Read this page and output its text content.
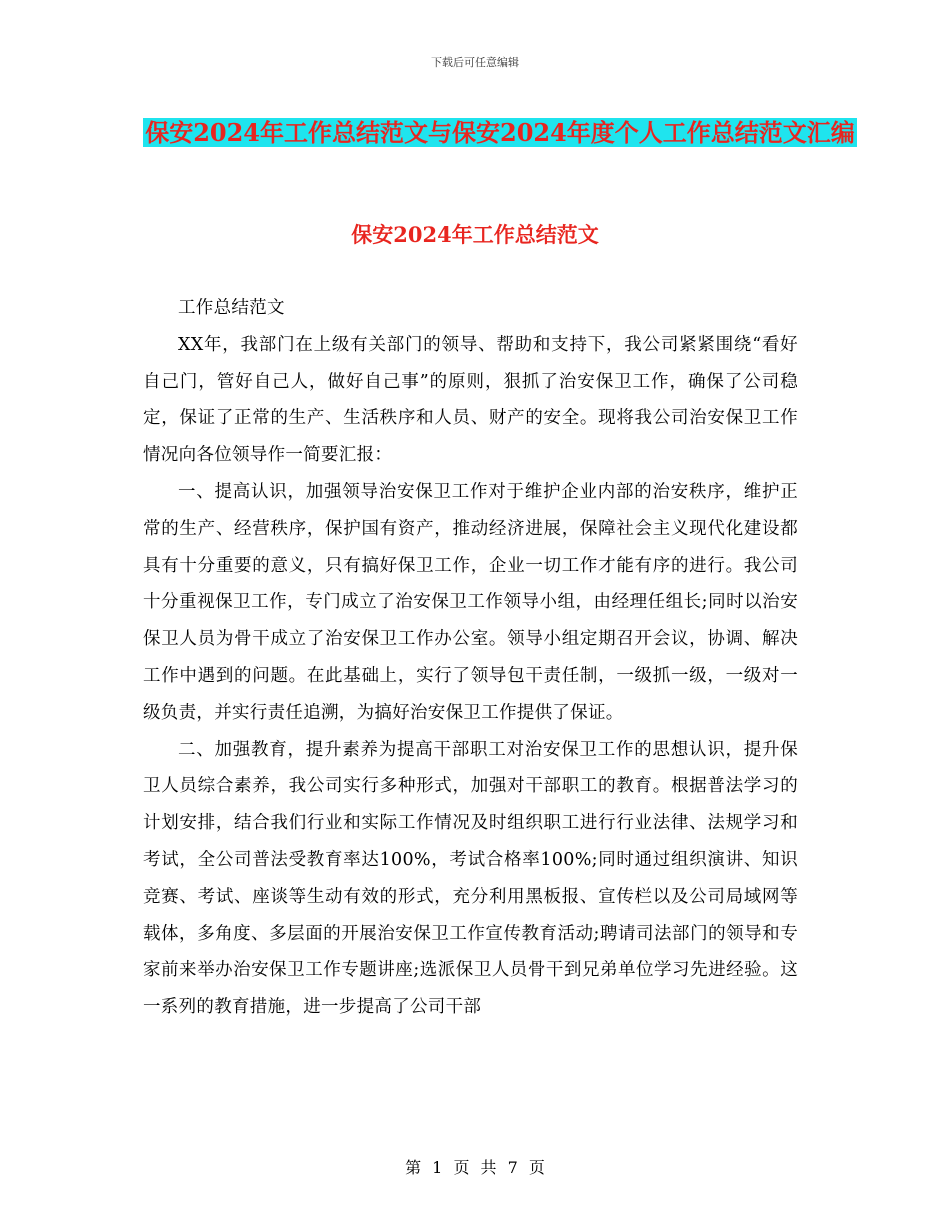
下载后可任意编辑
保安2024年工作总结范文与保安2024年度个人工作总结范文汇编
保安2024年工作总结范文

工作总结范文

XX年，我部门在上级有关部门的领导、帮助和支持下，我公司紧紧围绕“看好自己门，管好自己人，做好自己事”的原则，狠抓了治安保卫工作，确保了公司稳定，保证了正常的生产、生活秩序和人员、财产的安全。现将我公司治安保卫工作情况向各位领导作一简要汇报：

一、提高认识，加强领导治安保卫工作对于维护企业内部的治安秩序，维护正常的生产、经营秩序，保护国有资产，推动经济进展，保障社会主义现代化建设都具有十分重要的意义，只有搞好保卫工作，企业一切工作才能有序的进行。我公司十分重视保卫工作，专门成立了治安保卫工作领导小组，由经理任组长;同时以治安保卫人员为骨干成立了治安保卫工作办公室。领导小组定期召开会议，协调、解决工作中遇到的问题。在此基础上，实行了领导包干责任制，一级抓一级，一级对一级负责，并实行责任追溯，为搞好治安保卫工作提供了保证。

二、加强教育，提升素养为提高干部职工对治安保卫工作的思想认识，提升保卫人员综合素养，我公司实行多种形式，加强对干部职工的教育。根据普法学习的计划安排，结合我们行业和实际工作情况及时组织职工进行行业法律、法规学习和考试，全公司普法受教育率达100%，考试合格率100%;同时通过组织演讲、知识竞赛、考试、座谈等生动有效的形式，充分利用黑板报、宣传栏以及公司局域网等载体，多角度、多层面的开展治安保卫工作宣传教育活动;聘请司法部门的领导和专家前来举办治安保卫工作专题讲座;选派保卫人员骨干到兄弟单位学习先进经验。这一系列的教育措施，进一步提高了公司干部

第 1 页 共 7 页
